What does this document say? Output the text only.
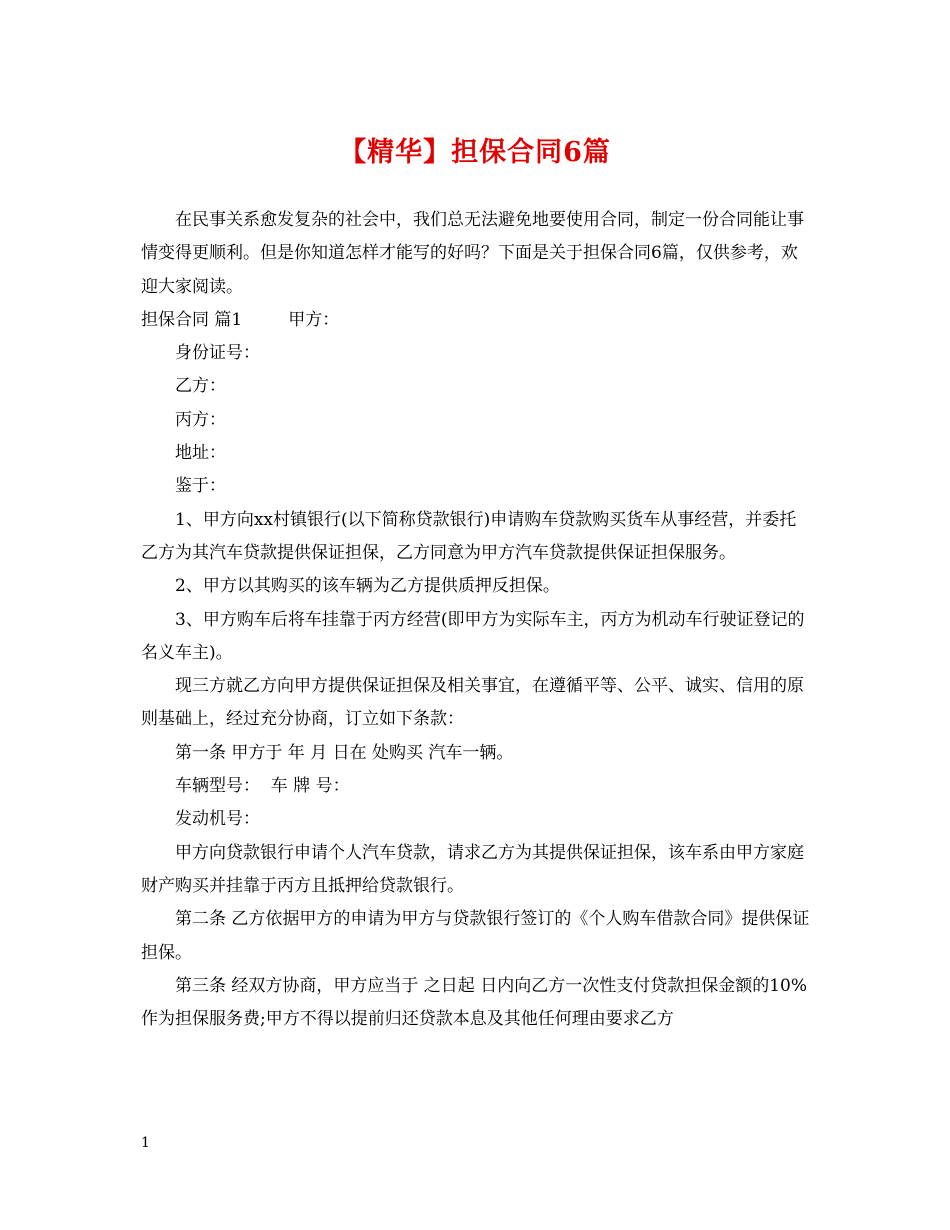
【精华】担保合同6篇

在民事关系愈发复杂的社会中，我们总无法避免地要使用合同，制定一份合同能让事情变得更顺利。但是你知道怎样才能写的好吗？下面是关于担保合同6篇，仅供参考，欢迎大家阅读。

担保合同 篇1	甲方：

身份证号：

乙方：

丙方：

地址：

鉴于：

1、甲方向xx村镇银行(以下简称贷款银行)申请购车贷款购买货车从事经营，并委托乙方为其汽车贷款提供保证担保，乙方同意为甲方汽车贷款提供保证担保服务。

2、甲方以其购买的该车辆为乙方提供质押反担保。

3、甲方购车后将车挂靠于丙方经营(即甲方为实际车主，丙方为机动车行驶证登记的名义车主)。

现三方就乙方向甲方提供保证担保及相关事宜，在遵循平等、公平、诚实、信用的原则基础上，经过充分协商，订立如下条款：

第一条 甲方于 年 月 日在 处购买 汽车一辆。

车辆型号：  车 牌 号：

发动机号：

甲方向贷款银行申请个人汽车贷款，请求乙方为其提供保证担保，该车系由甲方家庭财产购买并挂靠于丙方且抵押给贷款银行。

第二条 乙方依据甲方的申请为甲方与贷款银行签订的《个人购车借款合同》提供保证担保。

第三条 经双方协商，甲方应当于 之日起 日内向乙方一次性支付贷款担保金额的10%作为担保服务费;甲方不得以提前归还贷款本息及其他任何理由要求乙方

1
